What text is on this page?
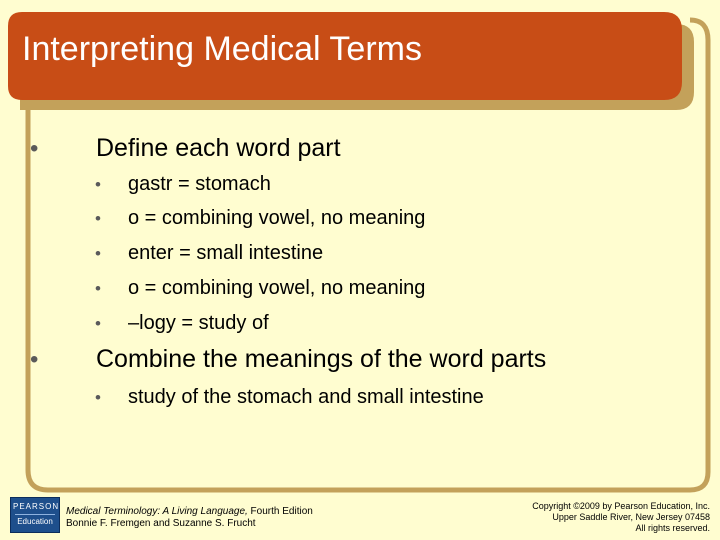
Interpreting Medical Terms
•	Define each word part
•	gastr = stomach
•	o = combining vowel, no meaning
•	enter = small intestine
•	o = combining vowel, no meaning
•	–logy = study of
•	Combine the meanings of the word parts
•	study of the stomach and small intestine
PEARSON
Education
Medical Terminology: A Living Language, Fourth Edition
Bonnie F. Fremgen and Suzanne S. Frucht
Copyright ©2009 by Pearson Education, Inc.
Upper Saddle River, New Jersey 07458
All rights reserved.
